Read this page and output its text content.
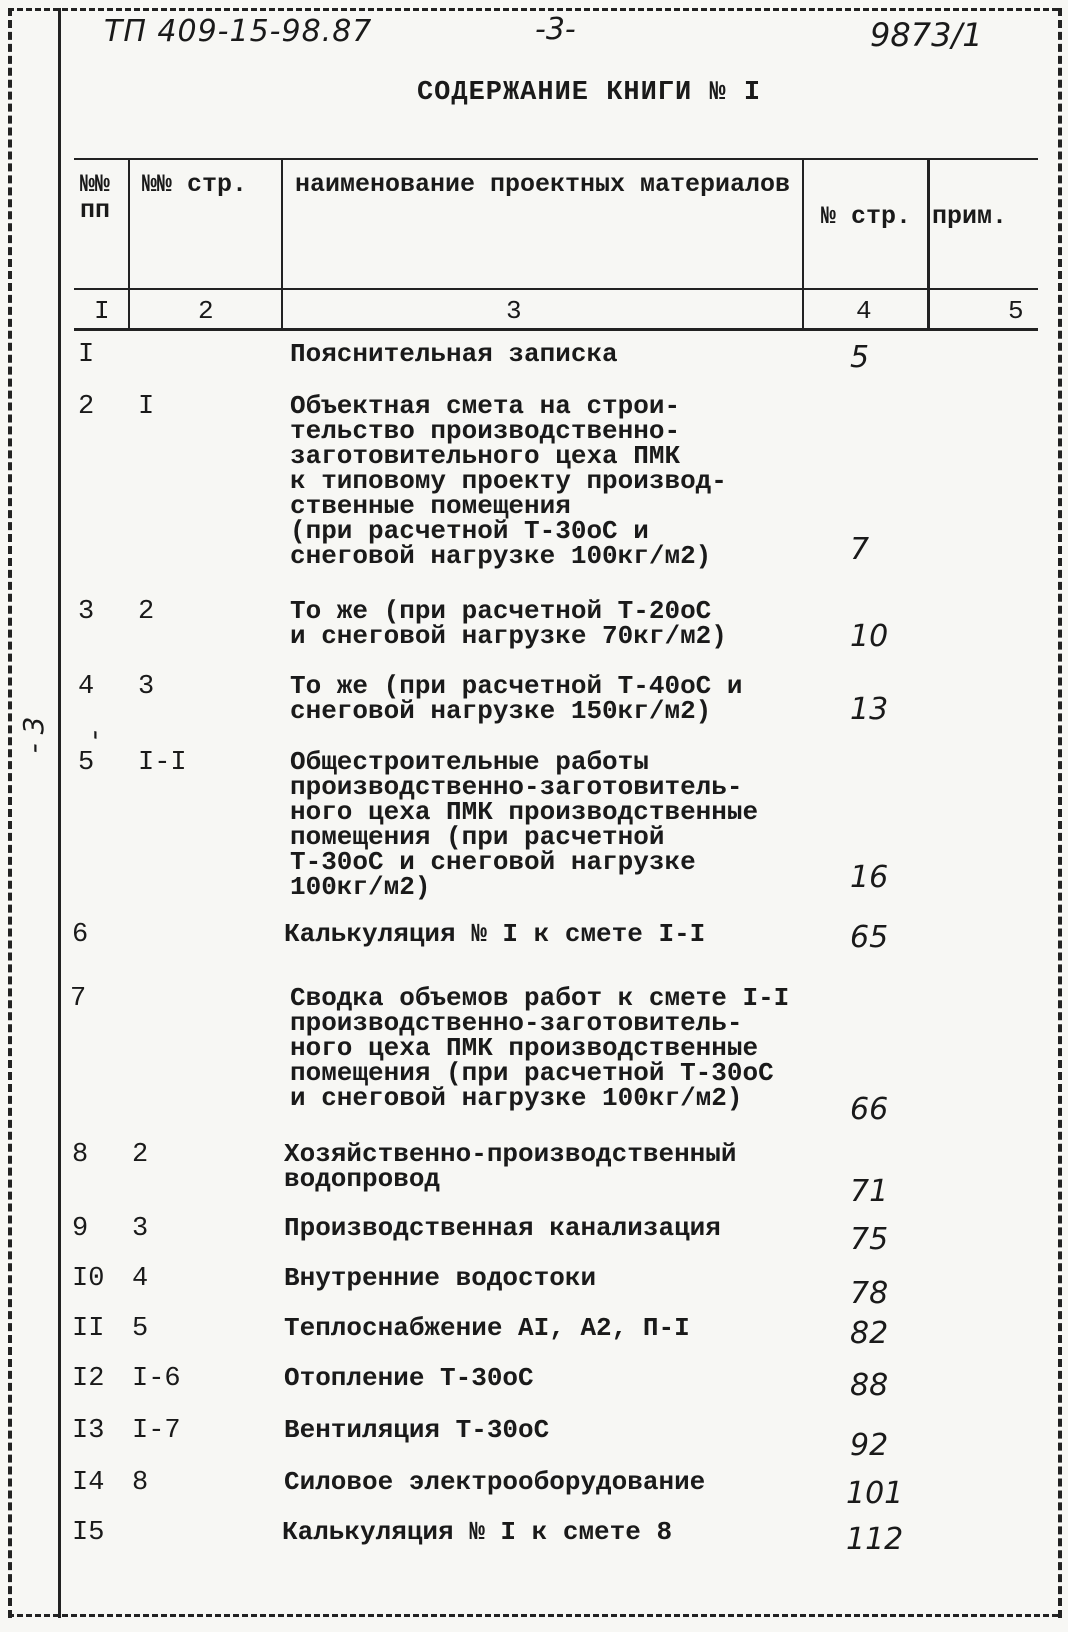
- 3 -
ТП 409-15-98.87	-3-	9873/1
СОДЕРЖАНИЕ КНИГИ № I
№№ пп
№№ стр.	наименование проектных материалов
№ стр. прим.
I	2	3	4	5
I	Пояснительная записка	5
2 I	Объектная смета на строи-
тельство производственно-
заготовительного цеха ПМК
к типовому проекту производ-
ственные помещения
(при расчетной Т-30оС и
снеговой нагрузке 100кг/м2)	7
3 2	То же (при расчетной Т-20оС
и снеговой нагрузке 70кг/м2)	10
4 3	То же (при расчетной Т-40оС и
снеговой нагрузке 150кг/м2)	13
5 I-I	Общестроительные работы
производственно-заготовитель-
ного цеха ПМК производственные
помещения (при расчетной
Т-30оС и снеговой нагрузке
100кг/м2)	16
6	Калькуляция № I к смете I-I	65
7	Сводка объемов работ к смете I-I
производственно-заготовитель-
ного цеха ПМК производственные
помещения (при расчетной Т-30оС
и снеговой нагрузке 100кг/м2)	66
8 2	Хозяйственно-производственный
водопровод	71
9 3	Производственная канализация	75
I0 4	Внутренние водостоки	78
II 5	Теплоснабжение АI, А2, П-I	82
I2 I-6	Отопление Т-30оС	88
I3 I-7	Вентиляция Т-30оС	92
I4 8	Силовое электрооборудование	101
I5	Калькуляция № I к смете 8	112
